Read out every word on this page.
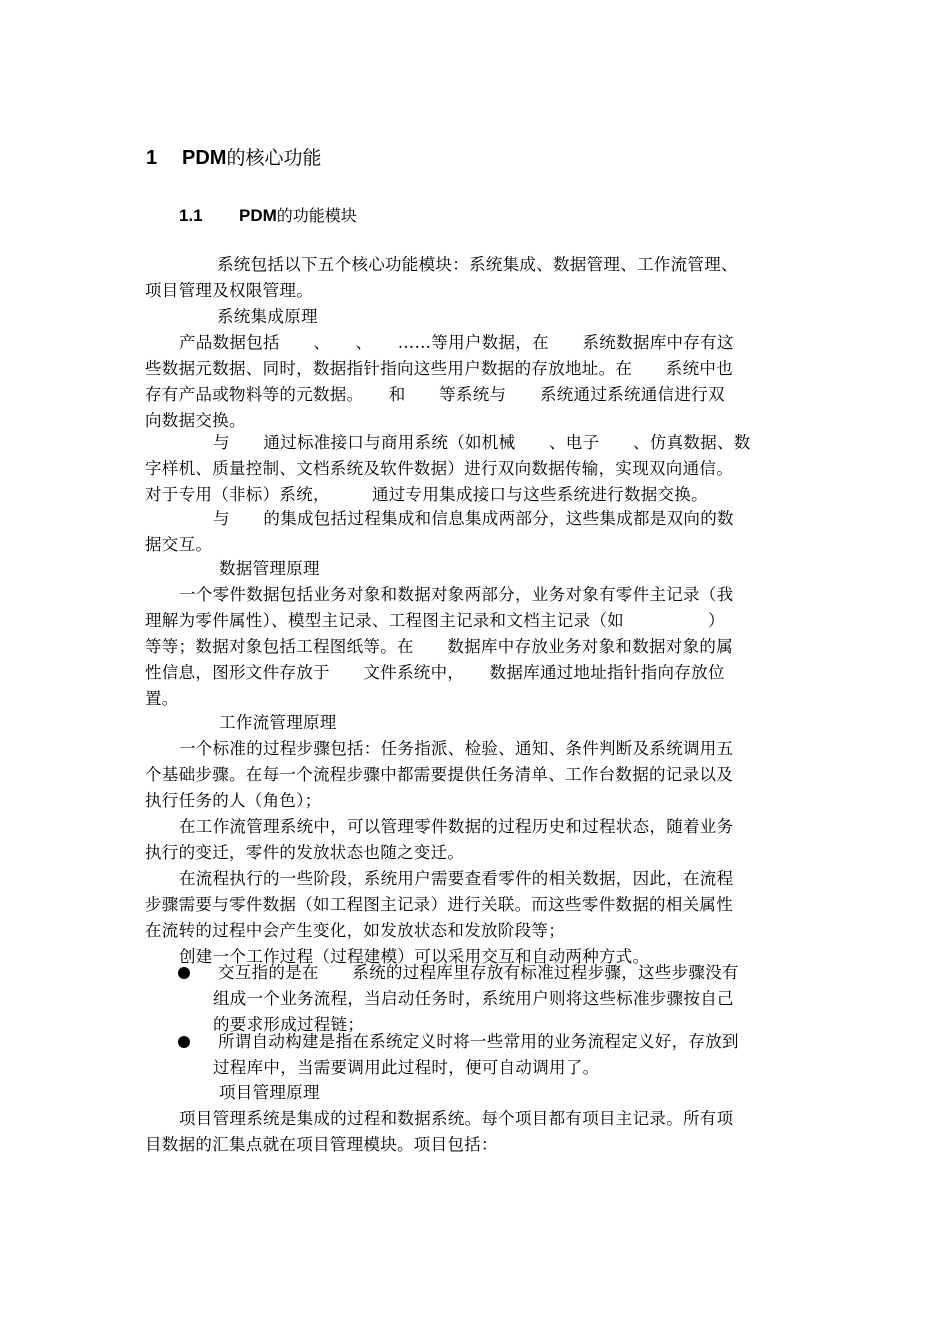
1 PDM的核心功能
1.1 PDM的功能模块
系统包括以下五个核心功能模块：系统集成、数据管理、工作流管理、
项目管理及权限管理。
系统集成原理
产品数据包括　　、　　、　　……等用户数据，在　　系统数据库中存有这
些数据元数据、同时，数据指针指向这些用户数据的存放地址。在　　系统中也
存有产品或物料等的元数据。　　和　　等系统与　　系统通过系统通信进行双
向数据交换。
与　　通过标准接口与商用系统（如机械　　、电子　　、仿真数据、数
字样机、质量控制、文档系统及软件数据）进行双向数据传输，实现双向通信。
对于专用（非标）系统，　　　通过专用集成接口与这些系统进行数据交换。
与　　的集成包括过程集成和信息集成两部分，这些集成都是双向的数
据交互。
数据管理原理
一个零件数据包括业务对象和数据对象两部分，业务对象有零件主记录（我
理解为零件属性）、模型主记录、工程图主记录和文档主记录（如　　　　　）
等等；数据对象包括工程图纸等。在　　数据库中存放业务对象和数据对象的属
性信息，图形文件存放于　　文件系统中，　　数据库通过地址指针指向存放位
置。
工作流管理原理
一个标准的过程步骤包括：任务指派、检验、通知、条件判断及系统调用五
个基础步骤。在每一个流程步骤中都需要提供任务清单、工作台数据的记录以及
执行任务的人（角色）；
在工作流管理系统中，可以管理零件数据的过程历史和过程状态，随着业务
执行的变迁，零件的发放状态也随之变迁。
在流程执行的一些阶段，系统用户需要查看零件的相关数据，因此，在流程
步骤需要与零件数据（如工程图主记录）进行关联。而这些零件数据的相关属性
在流转的过程中会产生变化，如发放状态和发放阶段等；
创建一个工作过程（过程建模）可以采用交互和自动两种方式。
交互指的是在　　系统的过程库里存放有标准过程步骤，这些步骤没有
组成一个业务流程，当启动任务时，系统用户则将这些标准步骤按自己
的要求形成过程链；
所谓自动构建是指在系统定义时将一些常用的业务流程定义好，存放到
过程库中，当需要调用此过程时，便可自动调用了。
项目管理原理
项目管理系统是集成的过程和数据系统。每个项目都有项目主记录。所有项
目数据的汇集点就在项目管理模块。项目包括：
